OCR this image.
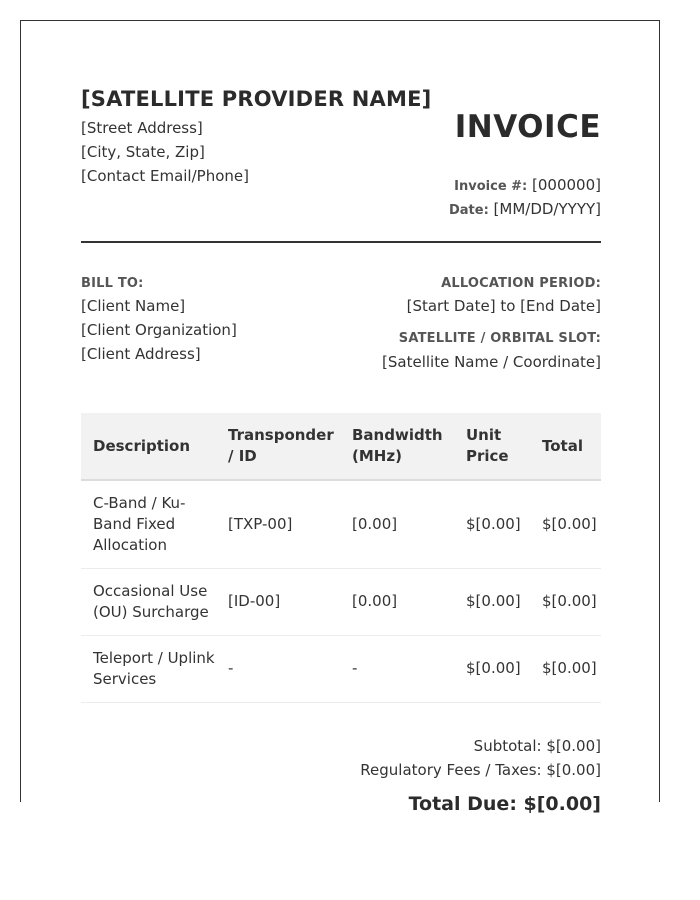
[SATELLITE PROVIDER NAME]
[Street Address]
[City, State, Zip]
[Contact Email/Phone]
INVOICE
Invoice #: [000000]
Date: [MM/DD/YYYY]
BILL TO:
[Client Name]
[Client Organization]
[Client Address]
ALLOCATION PERIOD:
[Start Date] to [End Date]
SATELLITE / ORBITAL SLOT:
[Satellite Name / Coordinate]
Description	Transponder / ID	Bandwidth (MHz)	Unit Price	Total
C-Band / Ku-Band Fixed Allocation	[TXP-00]	[0.00]	$[0.00]	$[0.00]
Occasional Use (OU) Surcharge	[ID-00]	[0.00]	$[0.00]	$[0.00]
Teleport / Uplink Services	-	-	$[0.00]	$[0.00]
Subtotal: $[0.00]
Regulatory Fees / Taxes: $[0.00]
Total Due: $[0.00]
